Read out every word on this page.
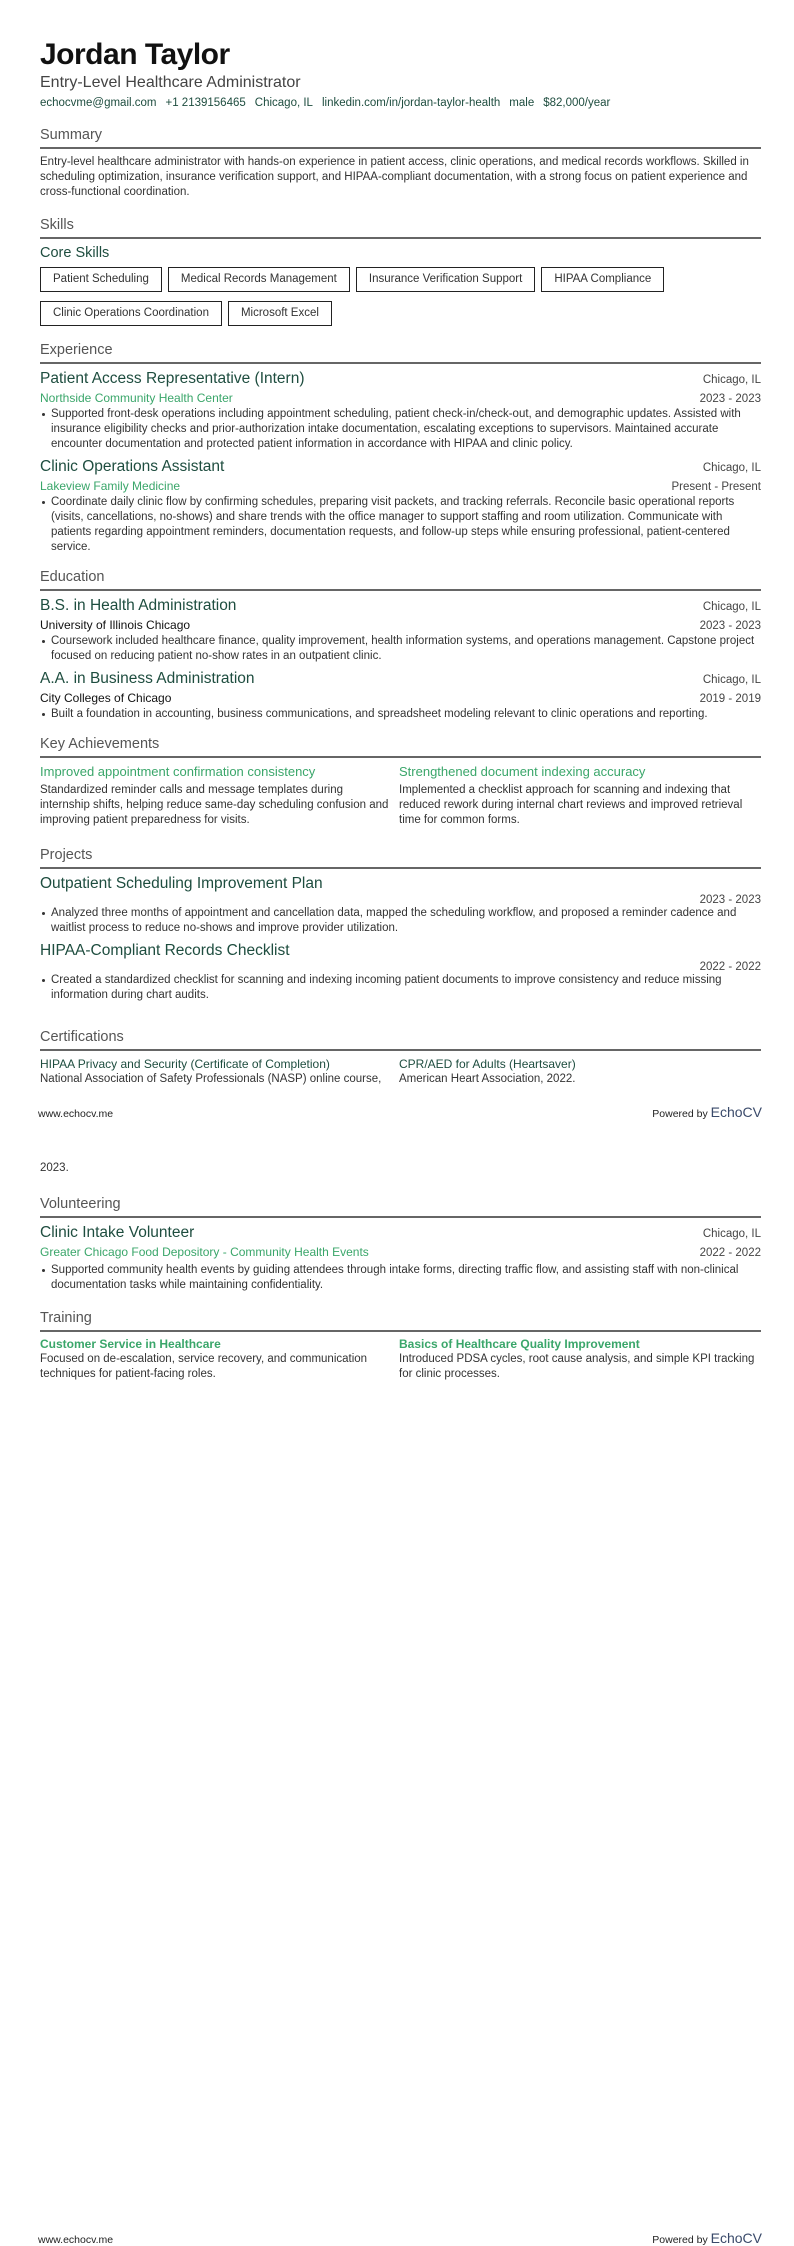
Jordan Taylor
Entry-Level Healthcare Administrator
echocvme@gmail.com +1 2139156465 Chicago, IL linkedin.com/in/jordan-taylor-health male $82,000/year
Summary
Entry-level healthcare administrator with hands-on experience in patient access, clinic operations, and medical records workflows. Skilled in scheduling optimization, insurance verification support, and HIPAA-compliant documentation, with a strong focus on patient experience and cross-functional coordination.
Skills
Core Skills
Patient Scheduling	Medical Records Management	Insurance Verification Support	HIPAA Compliance
Clinic Operations Coordination	Microsoft Excel
Experience
Patient Access Representative (Intern)	Chicago, IL
Northside Community Health Center	2023 - 2023
Supported front-desk operations including appointment scheduling, patient check-in/check-out, and demographic updates. Assisted with insurance eligibility checks and prior-authorization intake documentation, escalating exceptions to supervisors. Maintained accurate encounter documentation and protected patient information in accordance with HIPAA and clinic policy.
Clinic Operations Assistant	Chicago, IL
Lakeview Family Medicine	Present - Present
Coordinate daily clinic flow by confirming schedules, preparing visit packets, and tracking referrals. Reconcile basic operational reports (visits, cancellations, no-shows) and share trends with the office manager to support staffing and room utilization. Communicate with patients regarding appointment reminders, documentation requests, and follow-up steps while ensuring professional, patient-centered service.
Education
B.S. in Health Administration	Chicago, IL
University of Illinois Chicago	2023 - 2023
Coursework included healthcare finance, quality improvement, health information systems, and operations management. Capstone project focused on reducing patient no-show rates in an outpatient clinic.
A.A. in Business Administration	Chicago, IL
City Colleges of Chicago	2019 - 2019
Built a foundation in accounting, business communications, and spreadsheet modeling relevant to clinic operations and reporting.
Key Achievements
Improved appointment confirmation consistency
Standardized reminder calls and message templates during internship shifts, helping reduce same-day scheduling confusion and improving patient preparedness for visits.
Strengthened document indexing accuracy
Implemented a checklist approach for scanning and indexing that reduced rework during internal chart reviews and improved retrieval time for common forms.
Projects
Outpatient Scheduling Improvement Plan
2023 - 2023
Analyzed three months of appointment and cancellation data, mapped the scheduling workflow, and proposed a reminder cadence and waitlist process to reduce no-shows and improve provider utilization.
HIPAA-Compliant Records Checklist
2022 - 2022
Created a standardized checklist for scanning and indexing incoming patient documents to improve consistency and reduce missing information during chart audits.
Certifications
HIPAA Privacy and Security (Certificate of Completion)
National Association of Safety Professionals (NASP) online course,
CPR/AED for Adults (Heartsaver)
American Heart Association, 2022.
www.echocv.me	Powered by EchoCV
2023.
Volunteering
Clinic Intake Volunteer	Chicago, IL
Greater Chicago Food Depository - Community Health Events	2022 - 2022
Supported community health events by guiding attendees through intake forms, directing traffic flow, and assisting staff with non-clinical documentation tasks while maintaining confidentiality.
Training
Customer Service in Healthcare
Focused on de-escalation, service recovery, and communication techniques for patient-facing roles.
Basics of Healthcare Quality Improvement
Introduced PDSA cycles, root cause analysis, and simple KPI tracking for clinic processes.
www.echocv.me	Powered by EchoCV
